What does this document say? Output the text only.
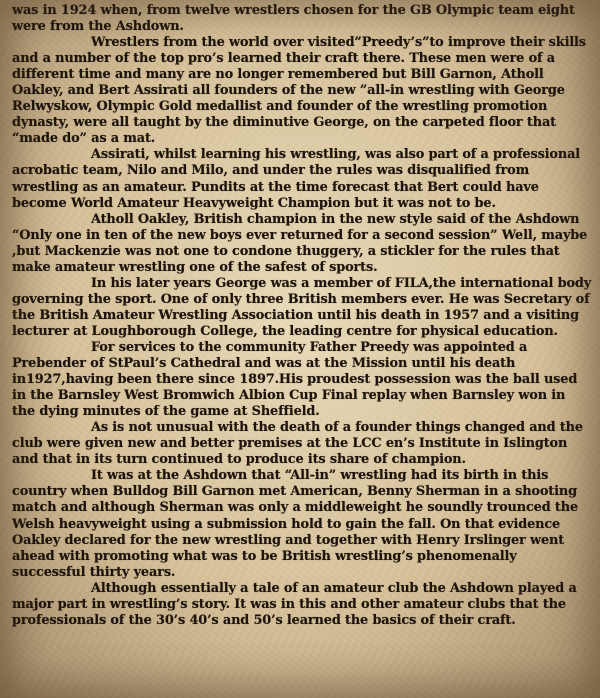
was in 1924 when, from twelve wrestlers chosen for the GB Olympic team eight were from the Ashdown.

Wrestlers from the world over visited”Preedy’s”to improve their skills and a number of the top pro’s learned their craft there. These men were of a different time and many are no longer remembered but Bill Garnon, Atholl Oakley, and Bert Assirati all founders of the new ”all-in wrestling with George Relwyskow, Olympic Gold medallist and founder of the wrestling promotion dynasty, were all taught by the diminutive George, on the carpeted floor that “made do” as a mat.

Assirati, whilst learning his wrestling, was also part of a professional acrobatic team, Nilo and Milo, and under the rules was disqualified from wrestling as an amateur. Pundits at the time forecast that Bert could have become World Amateur Heavyweight Champion but it was not to be.

Atholl Oakley, British champion in the new style said of the Ashdown “Only one in ten of the new boys ever returned for a second session” Well, maybe ,but Mackenzie was not one to condone thuggery, a stickler for the rules that make amateur wrestling one of the safest of sports.

In his later years George was a member of FILA,the international body governing the sport. One of only three British members ever. He was Secretary of the British Amateur Wrestling Association until his death in 1957 and a visiting lecturer at Loughborough College, the leading centre for physical education.

For services to the community Father Preedy was appointed a Prebender of StPaul’s Cathedral and was at the Mission until his death in1927,having been there since 1897.His proudest possession was the ball used in the Barnsley West Bromwich Albion Cup Final replay when Barnsley won in the dying minutes of the game at Sheffield.

As is not unusual with the death of a founder things changed and the club were given new and better premises at the LCC en’s Institute in Islington and that in its turn continued to produce its share of champion.

It was at the Ashdown that “All-in” wrestling had its birth in this country when Bulldog Bill Garnon met American, Benny Sherman in a shooting match and although Sherman was only a middleweight he soundly trounced the Welsh heavyweight using a submission hold to gain the fall. On that evidence Oakley declared for the new wrestling and together with Henry Irslinger went ahead with promoting what was to be British wrestling’s phenomenally successful thirty years.

Although essentially a tale of an amateur club the Ashdown played a major part in wrestling’s story. It was in this and other amateur clubs that the professionals of the 30’s 40’s and 50’s learned the basics of their craft.
